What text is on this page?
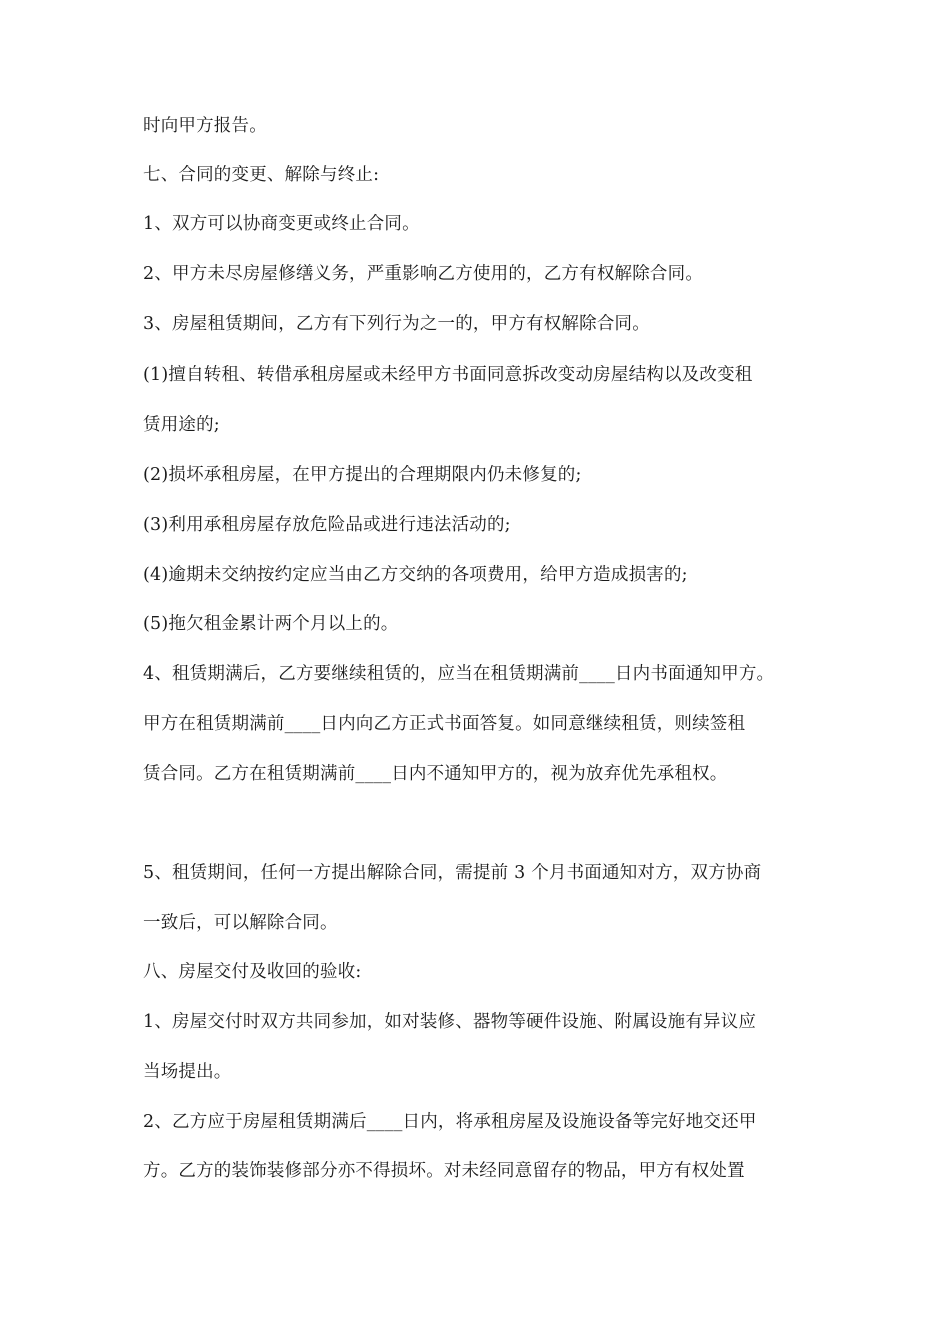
时向甲方报告。
七、合同的变更、解除与终止:
1、双方可以协商变更或终止合同。
2、甲方未尽房屋修缮义务，严重影响乙方使用的，乙方有权解除合同。
3、房屋租赁期间，乙方有下列行为之一的，甲方有权解除合同。
(1)擅自转租、转借承租房屋或未经甲方书面同意拆改变动房屋结构以及改变租
赁用途的;
(2)损坏承租房屋，在甲方提出的合理期限内仍未修复的;
(3)利用承租房屋存放危险品或进行违法活动的;
(4)逾期未交纳按约定应当由乙方交纳的各项费用，给甲方造成损害的;
(5)拖欠租金累计两个月以上的。
4、租赁期满后，乙方要继续租赁的，应当在租赁期满前____日内书面通知甲方。
甲方在租赁期满前____日内向乙方正式书面答复。如同意继续租赁，则续签租
赁合同。乙方在租赁期满前____日内不通知甲方的，视为放弃优先承租权。
5、租赁期间，任何一方提出解除合同，需提前 3 个月书面通知对方，双方协商
一致后，可以解除合同。
八、房屋交付及收回的验收:
1、房屋交付时双方共同参加，如对装修、器物等硬件设施、附属设施有异议应
当场提出。
2、乙方应于房屋租赁期满后____日内，将承租房屋及设施设备等完好地交还甲
方。乙方的装饰装修部分亦不得损坏。对未经同意留存的物品，甲方有权处置
